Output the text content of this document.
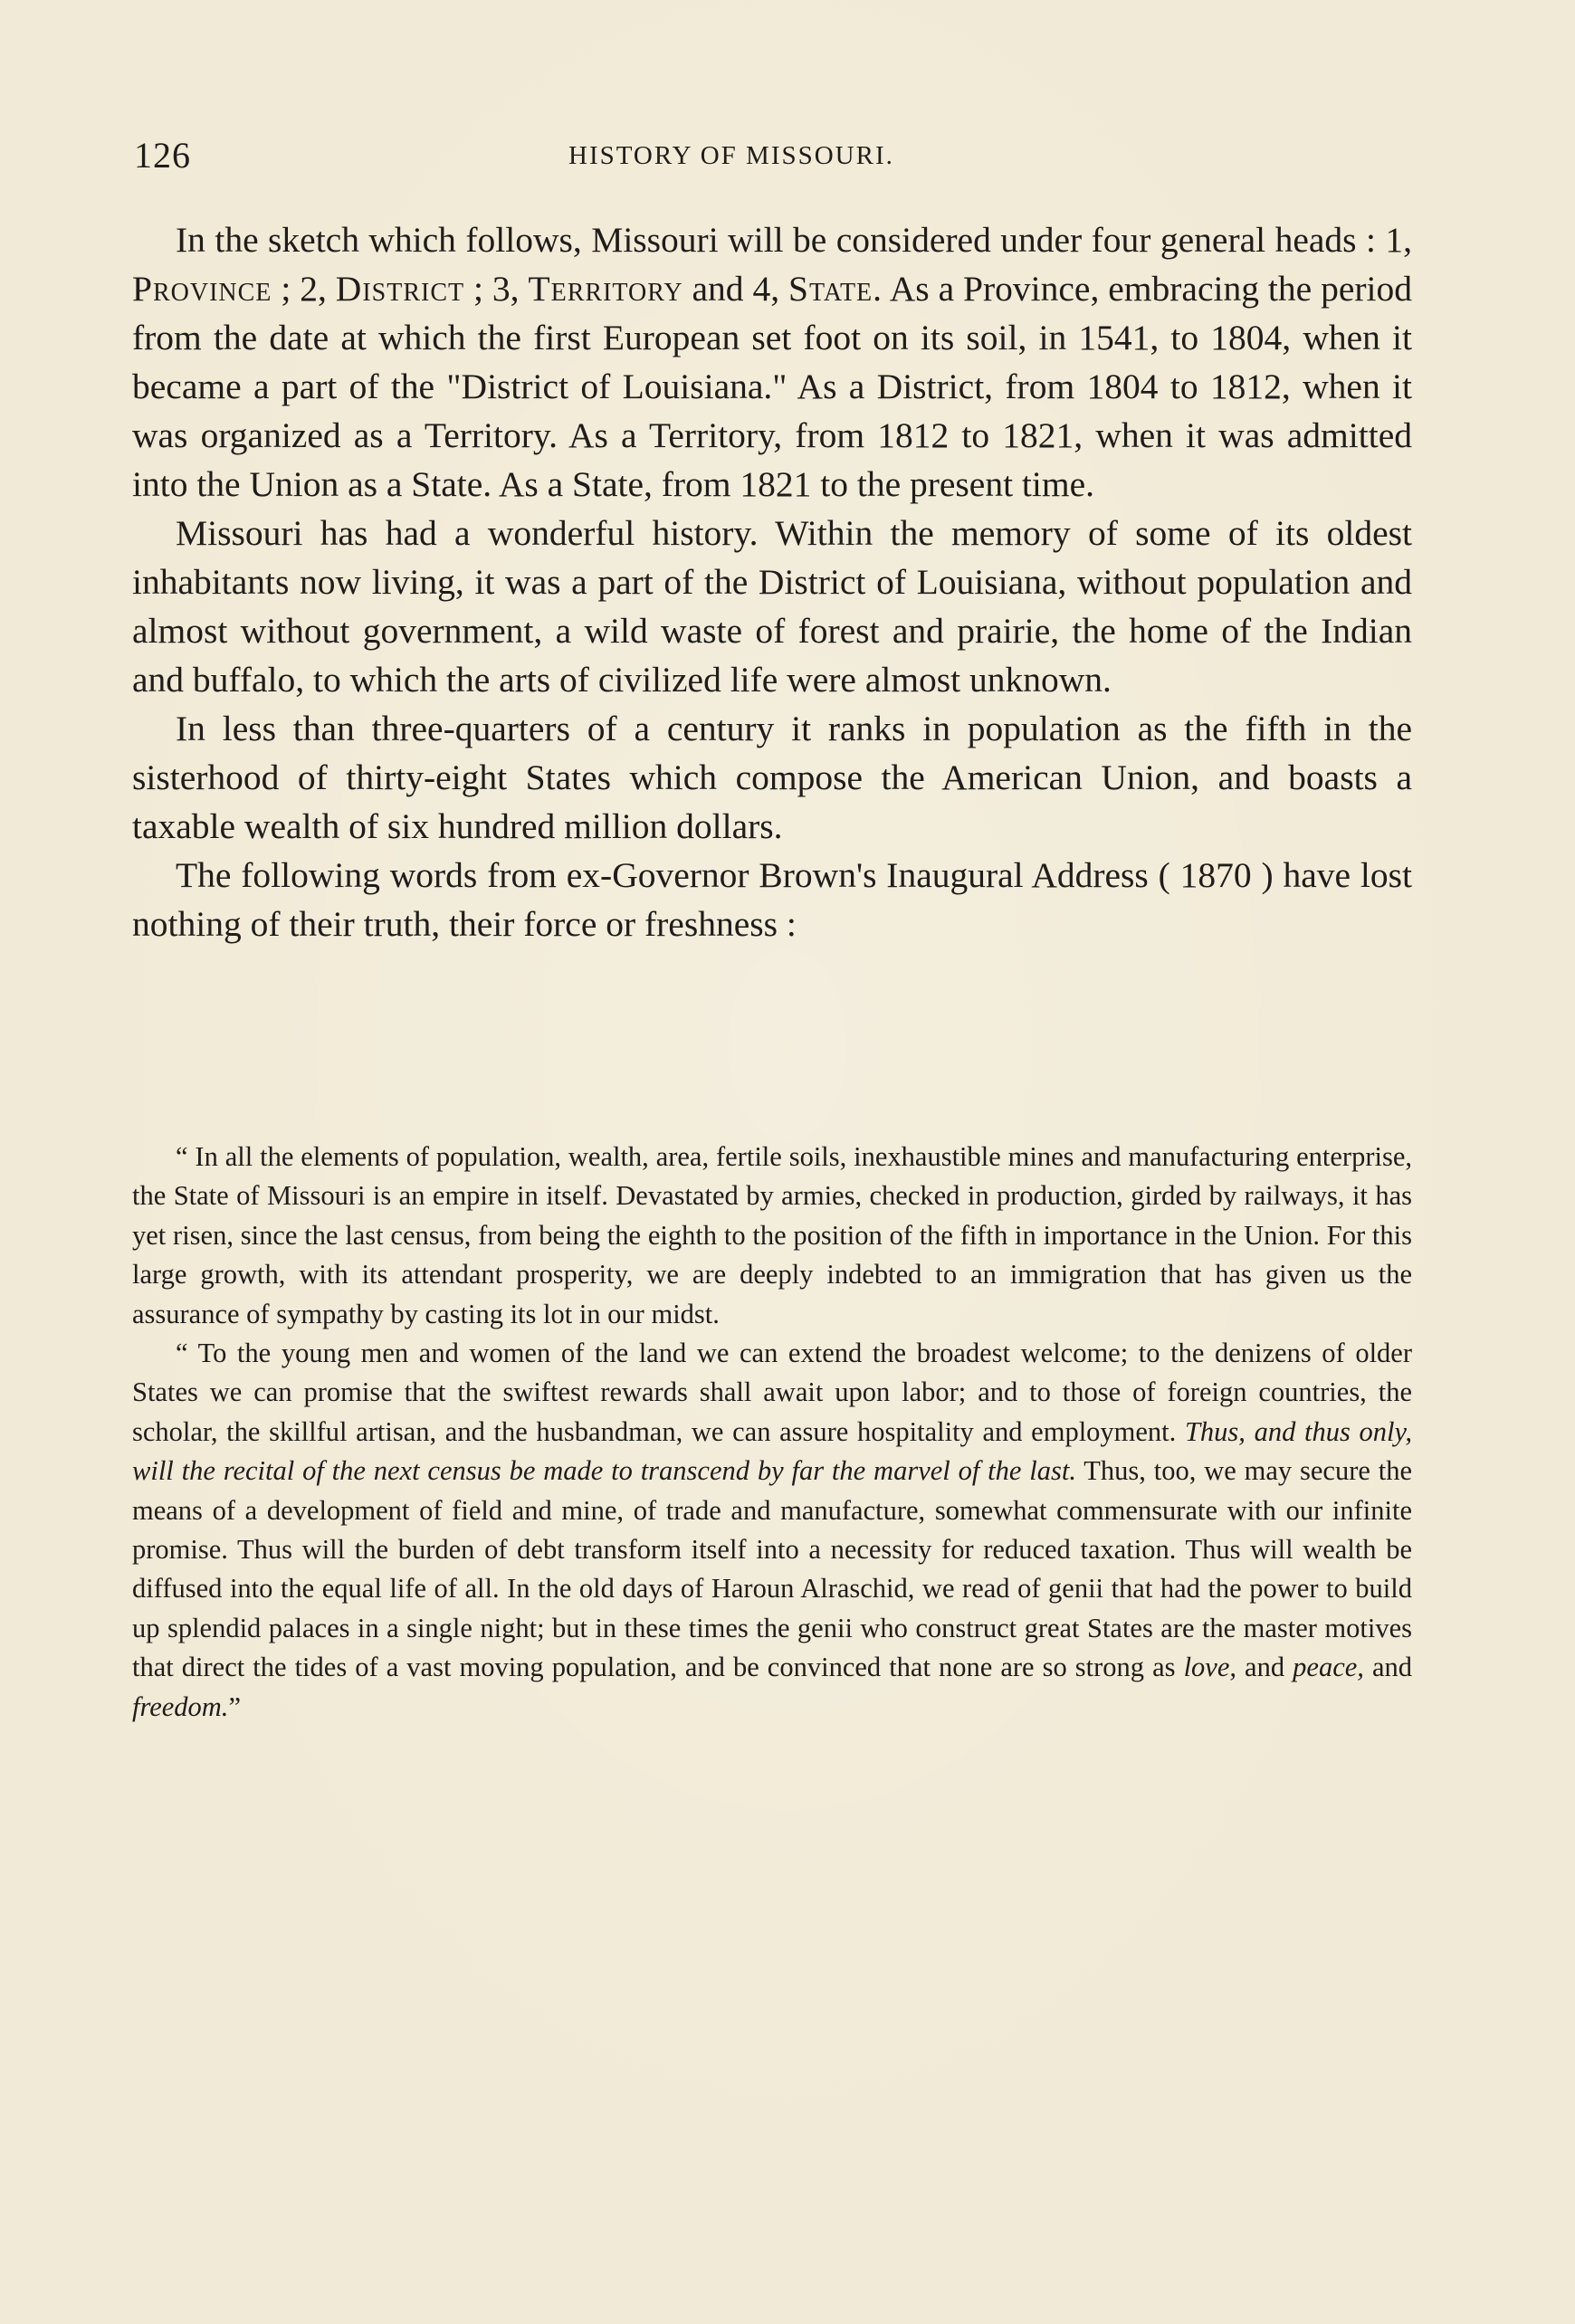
126	HISTORY OF MISSOURI.

In the sketch which follows, Missouri will be considered under four general heads : 1, Province ; 2, District ; 3, Territory and 4, State. As a Province, embracing the period from the date at which the first European set foot on its soil, in 1541, to 1804, when it became a part of the "District of Louisiana." As a District, from 1804 to 1812, when it was organized as a Territory. As a Territory, from 1812 to 1821, when it was admitted into the Union as a State. As a State, from 1821 to the present time.

Missouri has had a wonderful history. Within the memory of some of its oldest inhabitants now living, it was a part of the District of Louisiana, without population and almost without government, a wild waste of forest and prairie, the home of the Indian and buffalo, to which the arts of civilized life were almost unknown.

In less than three-quarters of a century it ranks in population as the fifth in the sisterhood of thirty-eight States which compose the American Union, and boasts a taxable wealth of six hundred million dollars.

The following words from ex-Governor Brown's Inaugural Address ( 1870 ) have lost nothing of their truth, their force or freshness :

“ In all the elements of population, wealth, area, fertile soils, inexhaustible mines and manufacturing enterprise, the State of Missouri is an empire in itself. Devastated by armies, checked in production, girded by railways, it has yet risen, since the last census, from being the eighth to the position of the fifth in importance in the Union. For this large growth, with its attendant prosperity, we are deeply indebted to an immigration that has given us the assurance of sympathy by casting its lot in our midst.

“ To the young men and women of the land we can extend the broadest welcome; to the denizens of older States we can promise that the swiftest rewards shall await upon labor; and to those of foreign countries, the scholar, the skillful artisan, and the husbandman, we can assure hospitality and employment. Thus, and thus only, will the recital of the next census be made to transcend by far the marvel of the last. Thus, too, we may secure the means of a development of field and mine, of trade and manufacture, somewhat commensurate with our infinite promise. Thus will the burden of debt transform itself into a necessity for reduced taxation. Thus will wealth be diffused into the equal life of all. In the old days of Haroun Alraschid, we read of genii that had the power to build up splendid palaces in a single night; but in these times the genii who construct great States are the master motives that direct the tides of a vast moving population, and be convinced that none are so strong as love, and peace, and freedom.”
